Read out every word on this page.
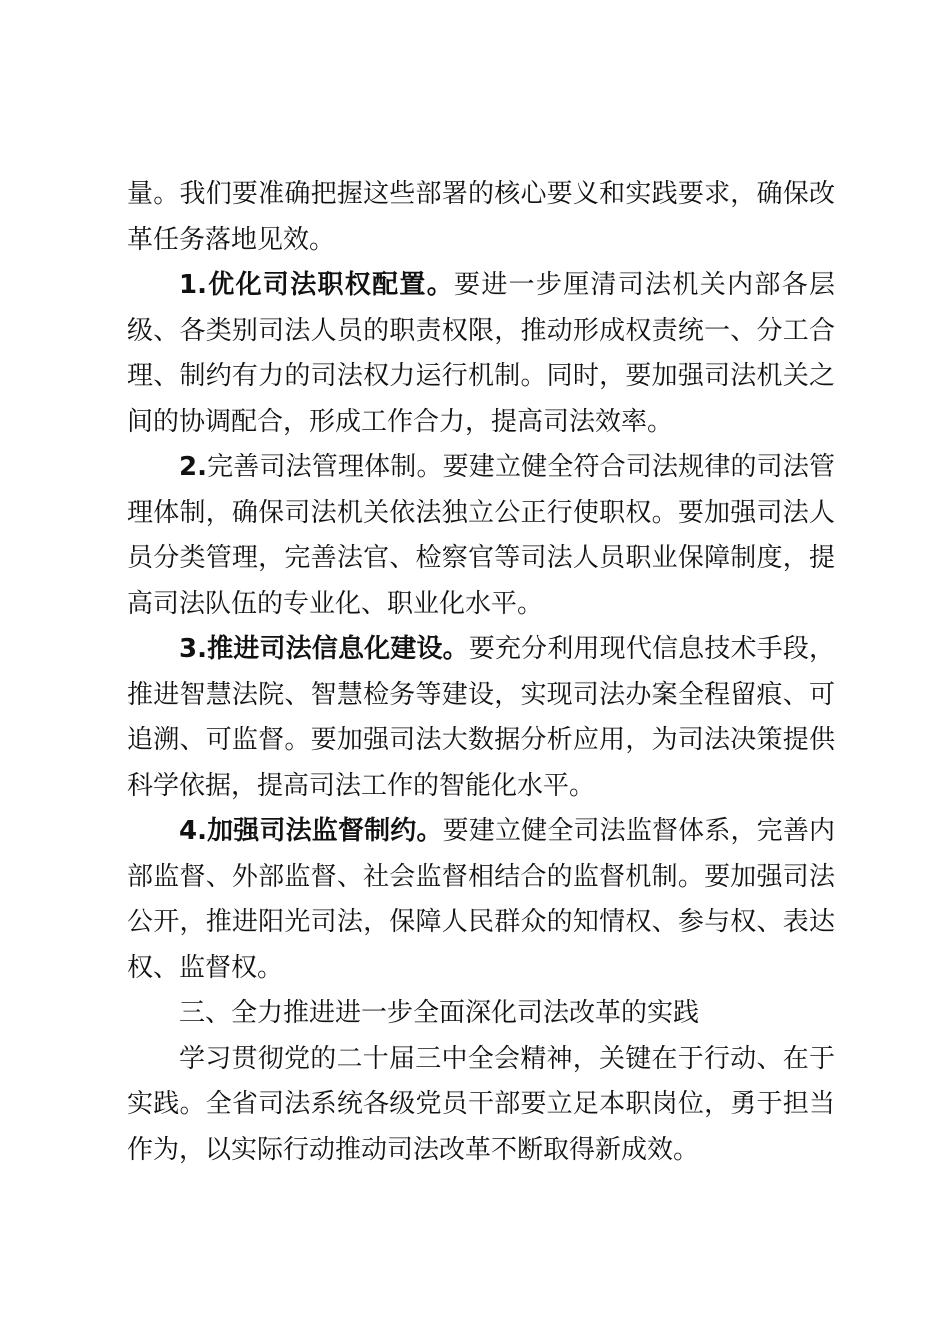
量。我们要准确把握这些部署的核心要义和实践要求，确保改革任务落地见效。

1.优化司法职权配置。要进一步厘清司法机关内部各层级、各类别司法人员的职责权限，推动形成权责统一、分工合理、制约有力的司法权力运行机制。同时，要加强司法机关之间的协调配合，形成工作合力，提高司法效率。

2.完善司法管理体制。要建立健全符合司法规律的司法管理体制，确保司法机关依法独立公正行使职权。要加强司法人员分类管理，完善法官、检察官等司法人员职业保障制度，提高司法队伍的专业化、职业化水平。

3.推进司法信息化建设。要充分利用现代信息技术手段，推进智慧法院、智慧检务等建设，实现司法办案全程留痕、可追溯、可监督。要加强司法大数据分析应用，为司法决策提供科学依据，提高司法工作的智能化水平。

4.加强司法监督制约。要建立健全司法监督体系，完善内部监督、外部监督、社会监督相结合的监督机制。要加强司法公开，推进阳光司法，保障人民群众的知情权、参与权、表达权、监督权。

三、全力推进进一步全面深化司法改革的实践

学习贯彻党的二十届三中全会精神，关键在于行动、在于实践。全省司法系统各级党员干部要立足本职岗位，勇于担当作为，以实际行动推动司法改革不断取得新成效。
